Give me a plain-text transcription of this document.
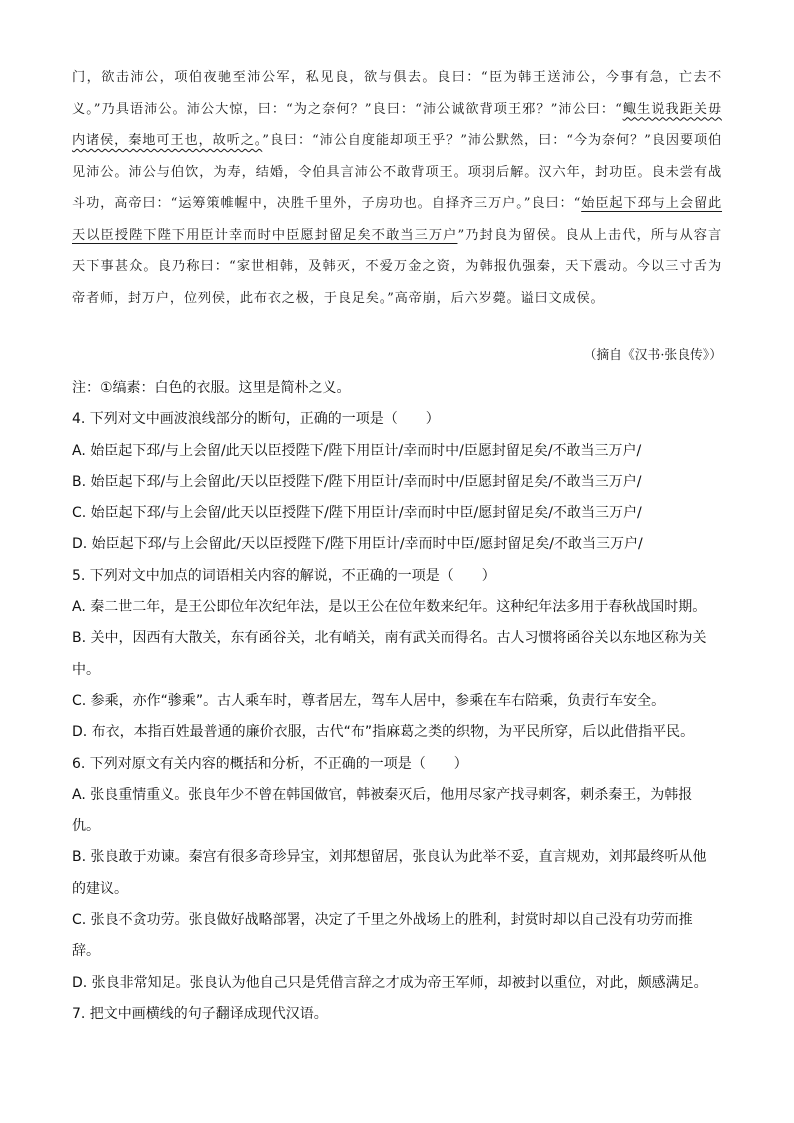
门，欲击沛公，项伯夜驰至沛公军，私见良，欲与俱去。良曰：“臣为韩王送沛公，今事有急，亡去不义。”乃具语沛公。沛公大惊，曰：“为之奈何？”良曰：“沛公诚欲背项王邪？”沛公曰：“鲰生说我距关毋内诸侯，秦地可王也，故听之。”良曰：“沛公自度能却项王乎？”沛公默然，曰：“今为奈何？”良因要项伯见沛公。沛公与伯饮，为寿，结婚，令伯具言沛公不敢背项王。项羽后解。汉六年，封功臣。良未尝有战斗功，高帝曰：“运筹策帷幄中，决胜千里外，子房功也。自择齐三万户。”良曰：“始臣起下邳与上会留此天以臣授陛下陛下用臣计幸而时中臣愿封留足矣不敢当三万户”乃封良为留侯。良从上击代，所与从容言天下事甚众。良乃称曰：“家世相韩，及韩灭，不爱万金之资，为韩报仇强秦，天下震动。今以三寸舌为帝者师，封万户，位列侯，此布衣之极，于良足矣。”高帝崩，后六岁薨。谥曰文成侯。

（摘自《汉书·张良传》）
注：①缟素：白色的衣服。这里是简朴之义。
4. 下列对文中画波浪线部分的断句，正确的一项是（　　）
A. 始臣起下邳/与上会留/此天以臣授陛下/陛下用臣计/幸而时中/臣愿封留足矣/不敢当三万户/
B. 始臣起下邳/与上会留此/天以臣授陛下/陛下用臣计/幸而时中/臣愿封留足矣/不敢当三万户/
C. 始臣起下邳/与上会留/此天以臣授陛下/陛下用臣计/幸而时中臣/愿封留足矣/不敢当三万户/
D. 始臣起下邳/与上会留此/天以臣授陛下/陛下用臣计/幸而时中臣/愿封留足矣/不敢当三万户/
5. 下列对文中加点的词语相关内容的解说，不正确的一项是（　　）
A. 秦二世二年，是王公即位年次纪年法，是以王公在位年数来纪年。这种纪年法多用于春秋战国时期。
B. 关中，因西有大散关，东有函谷关，北有峭关，南有武关而得名。古人习惯将函谷关以东地区称为关
中。
C. 参乘，亦作“骖乘”。古人乘车时，尊者居左，驾车人居中，参乘在车右陪乘，负责行车安全。
D. 布衣，本指百姓最普通的廉价衣服，古代“布”指麻葛之类的织物，为平民所穿，后以此借指平民。
6. 下列对原文有关内容的概括和分析，不正确的一项是（　　）
A. 张良重情重义。张良年少不曾在韩国做官，韩被秦灭后，他用尽家产找寻刺客，刺杀秦王，为韩报
仇。
B. 张良敢于劝谏。秦宫有很多奇珍异宝，刘邦想留居，张良认为此举不妥，直言规劝，刘邦最终听从他
的建议。
C. 张良不贪功劳。张良做好战略部署，决定了千里之外战场上的胜利，封赏时却以自己没有功劳而推
辞。
D. 张良非常知足。张良认为他自己只是凭借言辞之才成为帝王军师，却被封以重位，对此，颇感满足。
7. 把文中画横线的句子翻译成现代汉语。
